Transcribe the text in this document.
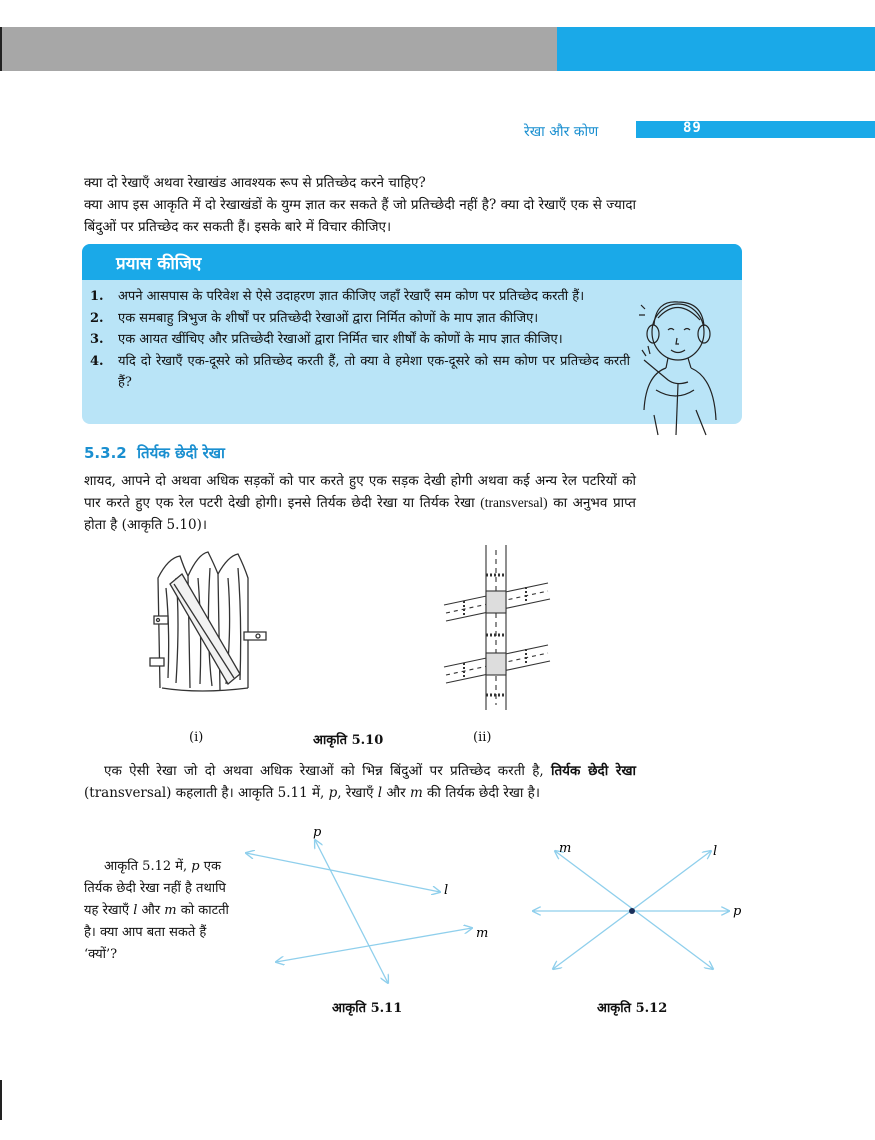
रेखा और कोण	89

क्या दो रेखाएँ अथवा रेखाखंड आवश्यक रूप से प्रतिच्छेद करने चाहिए?

क्या आप इस आकृति में दो रेखाखंडों के युग्म ज्ञात कर सकते हैं जो प्रतिच्छेदी नहीं है? क्या दो रेखाएँ एक से ज्यादा बिंदुओं पर प्रतिच्छेद कर सकती हैं। इसके बारे में विचार कीजिए।

प्रयास कीजिए
1. अपने आसपास के परिवेश से ऐसे उदाहरण ज्ञात कीजिए जहाँ रेखाएँ सम कोण पर प्रतिच्छेद करती हैं।
2. एक समबाहु त्रिभुज के शीर्षों पर प्रतिच्छेदी रेखाओं द्वारा निर्मित कोणों के माप ज्ञात कीजिए।
3. एक आयत खींचिए और प्रतिच्छेदी रेखाओं द्वारा निर्मित चार शीर्षों के कोणों के माप ज्ञात कीजिए।
4. यदि दो रेखाएँ एक-दूसरे को प्रतिच्छेद करती हैं, तो क्या वे हमेशा एक-दूसरे को सम कोण पर प्रतिच्छेद करती हैं?
5.3.2 तिर्यक छेदी रेखा

शायद, आपने दो अथवा अधिक सड़कों को पार करते हुए एक सड़क देखी होगी अथवा कई अन्य रेल पटरियों को पार करते हुए एक रेल पटरी देखी होगी। इनसे तिर्यक छेदी रेखा या तिर्यक रेखा (transversal) का अनुभव प्राप्त होता है (आकृति 5.10)।

(i)	आकृति 5.10	(ii)

एक ऐसी रेखा जो दो अथवा अधिक रेखाओं को भिन्न बिंदुओं पर प्रतिच्छेद करती है, तिर्यक छेदी रेखा (transversal) कहलाती है। आकृति 5.11 में, p, रेखाएँ l और m की तिर्यक छेदी रेखा है।

आकृति 5.12 में, p एक तिर्यक छेदी रेखा नहीं है तथापि यह रेखाएँ l और m को काटती है। क्या आप बता सकते हैं ‘क्यों’?

p
l
m
आकृति 5.11
m	l
p
आकृति 5.12
